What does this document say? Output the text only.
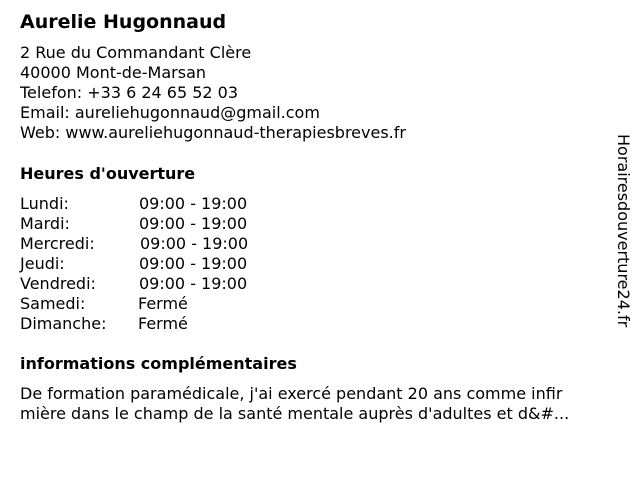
Aurelie Hugonnaud
2 Rue du Commandant Clère
40000 Mont-de-Marsan
Telefon: +33 6 24 65 52 03
Email: aureliehugonnaud@gmail.com
Web: www.aureliehugonnaud-therapiesbreves.fr
Heures d'ouverture
Lundi:	09:00 - 19:00
Mardi:	09:00 - 19:00
Mercredi:	09:00 - 19:00
Jeudi:	09:00 - 19:00
Vendredi:	09:00 - 19:00
Samedi:	Fermé
Dimanche: Fermé
informations complémentaires
De formation paramédicale, j'ai exercé pendant 20 ans comme infir
mière dans le champ de la santé mentale auprès d'adultes et d&#...
Horairesdouverture24.fr
